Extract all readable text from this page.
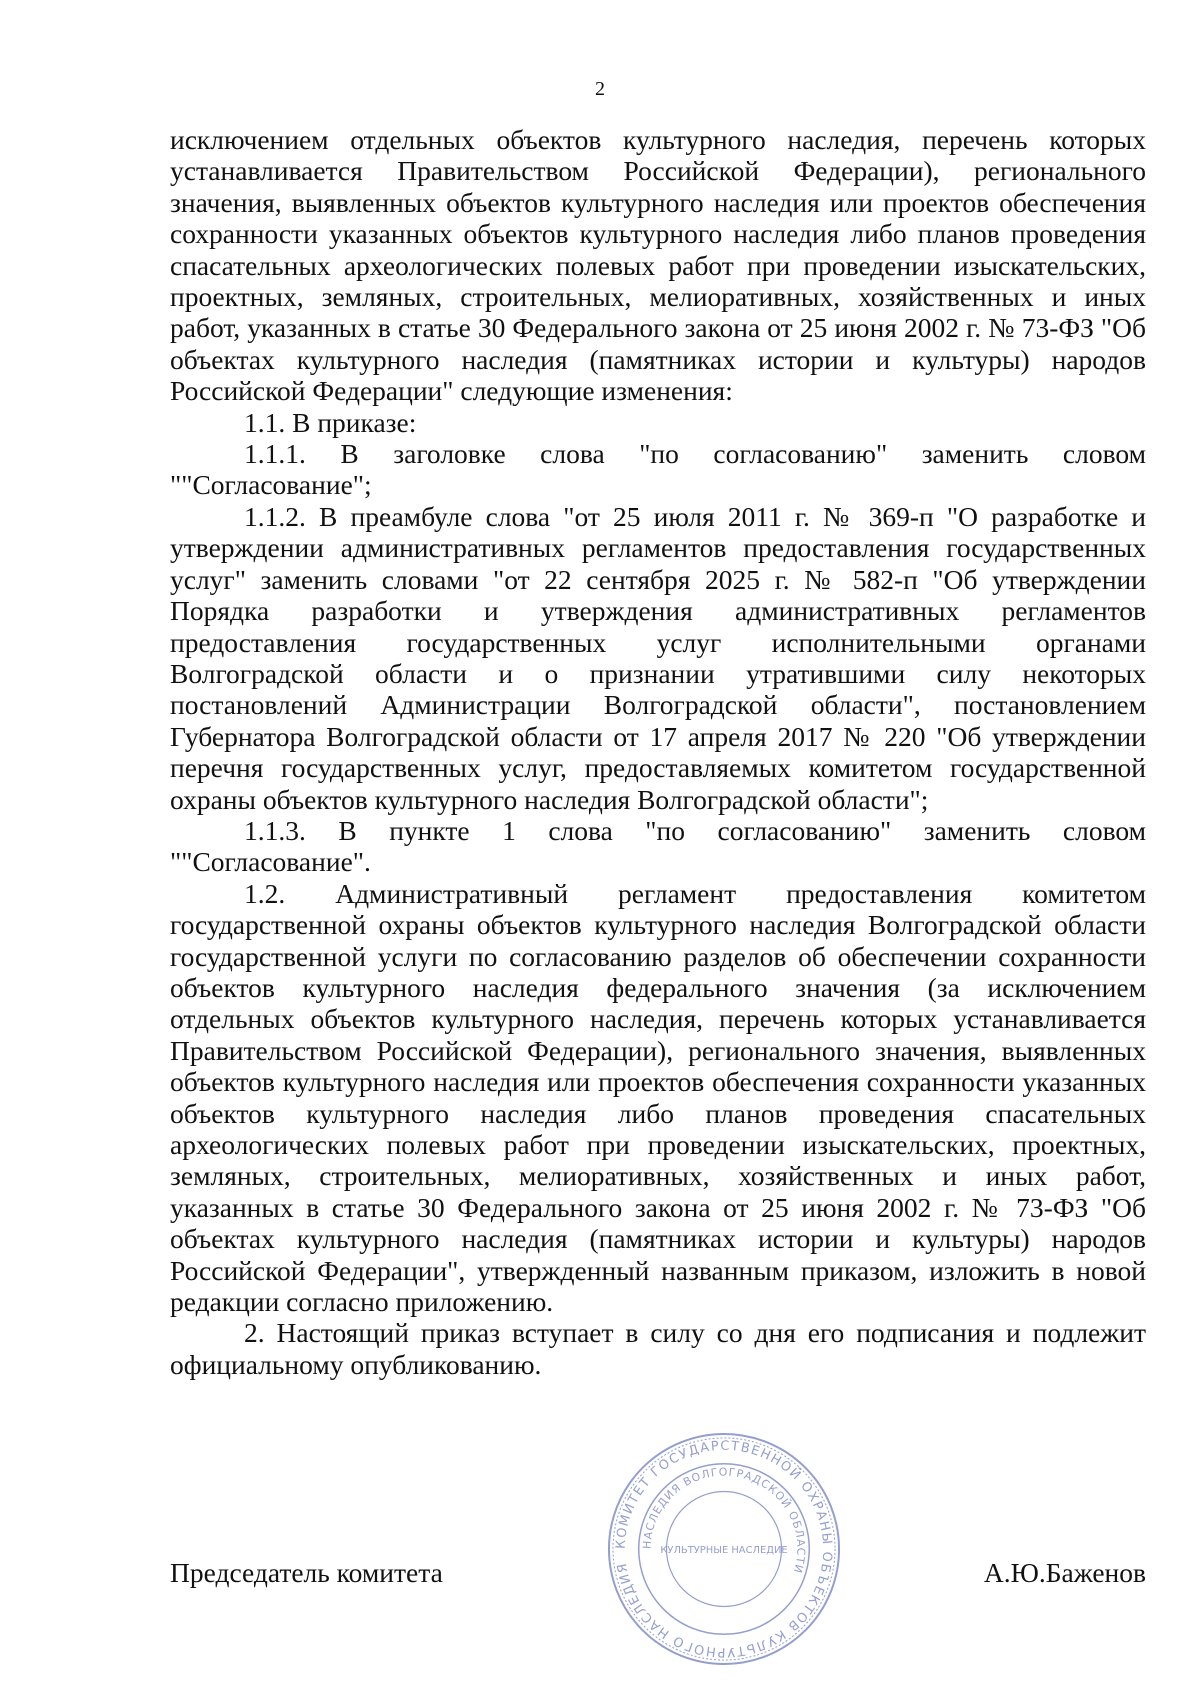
2

исключением отдельных объектов культурного наследия, перечень которых устанавливается Правительством Российской Федерации), регионального значения, выявленных объектов культурного наследия или проектов обеспечения сохранности указанных объектов культурного наследия либо планов проведения спасательных археологических полевых работ при проведении изыскательских, проектных, земляных, строительных, мелиоративных, хозяйственных и иных работ, указанных в статье 30 Федерального закона от 25 июня 2002 г. № 73-ФЗ "Об объектах культурного наследия (памятниках истории и культуры) народов Российской Федерации" следующие изменения:

1.1. В приказе:

1.1.1. В заголовке слова "по согласованию" заменить словом ""Согласование";

1.1.2. В преамбуле слова "от 25 июля 2011 г. № 369-п "О разработке и утверждении административных регламентов предоставления государственных услуг" заменить словами "от 22 сентября 2025 г. № 582-п "Об утверждении Порядка разработки и утверждения административных регламентов предоставления государственных услуг исполнительными органами Волгоградской области и о признании утратившими силу некоторых постановлений Администрации Волгоградской области", постановлением Губернатора Волгоградской области от 17 апреля 2017 № 220 "Об утверждении перечня государственных услуг, предоставляемых комитетом государственной охраны объектов культурного наследия Волгоградской области";

1.1.3. В пункте 1 слова "по согласованию" заменить словом ""Согласование".

1.2. Административный регламент предоставления комитетом государственной охраны объектов культурного наследия Волгоградской области государственной услуги по согласованию разделов об обеспечении сохранности объектов культурного наследия федерального значения (за исключением отдельных объектов культурного наследия, перечень которых устанавливается Правительством Российской Федерации), регионального значения, выявленных объектов культурного наследия или проектов обеспечения сохранности указанных объектов культурного наследия либо планов проведения спасательных археологических полевых работ при проведении изыскательских, проектных, земляных, строительных, мелиоративных, хозяйственных и иных работ, указанных в статье 30 Федерального закона от 25 июня 2002 г. № 73-ФЗ "Об объектах культурного наследия (памятниках истории и культуры) народов Российской Федерации", утвержденный названным приказом, изложить в новой редакции согласно приложению.

2. Настоящий приказ вступает в силу со дня его подписания и подлежит официальному опубликованию.

КОМИТЕТ ГОСУДАРСТВЕННОЙ ОХРАНЫ ОБЪЕКТОВ КУЛЬТУРНОГО НАСЛЕДИЯ
НАСЛЕДИЯ ВОЛГОГРАДСКОЙ ОБЛАСТИ
КУЛЬТУРНЫЕ НАСЛЕДИЕ
Председатель комитета	А.Ю.Баженов
